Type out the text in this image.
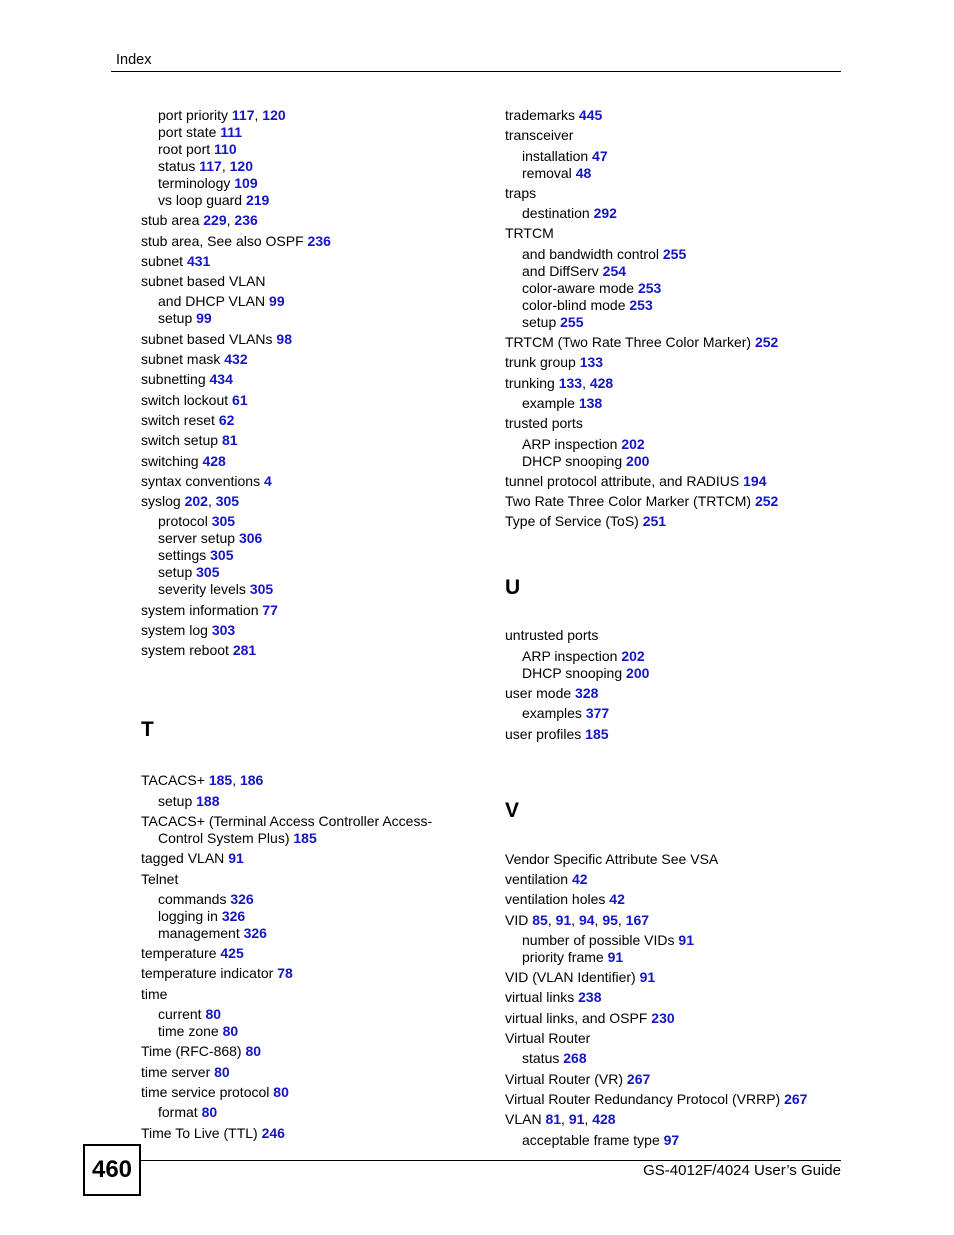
Index
port priority 117, 120
port state 111
root port 110
status 117, 120
terminology 109
vs loop guard 219
stub area 229, 236
stub area, See also OSPF 236
subnet 431
subnet based VLAN
and DHCP VLAN 99
setup 99
subnet based VLANs 98
subnet mask 432
subnetting 434
switch lockout 61
switch reset 62
switch setup 81
switching 428
syntax conventions 4
syslog 202, 305
protocol 305
server setup 306
settings 305
setup 305
severity levels 305
system information 77
system log 303
system reboot 281
T
TACACS+ 185, 186
setup 188
TACACS+ (Terminal Access Controller Access-
Control System Plus) 185
tagged VLAN 91
Telnet
commands 326
logging in 326
management 326
temperature 425
temperature indicator 78
time
current 80
time zone 80
Time (RFC-868) 80
time server 80
time service protocol 80
format 80
Time To Live (TTL) 246
trademarks 445
transceiver
installation 47
removal 48
traps
destination 292
TRTCM
and bandwidth control 255
and DiffServ 254
color-aware mode 253
color-blind mode 253
setup 255
TRTCM (Two Rate Three Color Marker) 252
trunk group 133
trunking 133, 428
example 138
trusted ports
ARP inspection 202
DHCP snooping 200
tunnel protocol attribute, and RADIUS 194
Two Rate Three Color Marker (TRTCM) 252
Type of Service (ToS) 251
U
untrusted ports
ARP inspection 202
DHCP snooping 200
user mode 328
examples 377
user profiles 185
V
Vendor Specific Attribute See VSA
ventilation 42
ventilation holes 42
VID 85, 91, 94, 95, 167
number of possible VIDs 91
priority frame 91
VID (VLAN Identifier) 91
virtual links 238
virtual links, and OSPF 230
Virtual Router
status 268
Virtual Router (VR) 267
Virtual Router Redundancy Protocol (VRRP) 267
VLAN 81, 91, 428
acceptable frame type 97
460	GS-4012F/4024 User’s Guide
